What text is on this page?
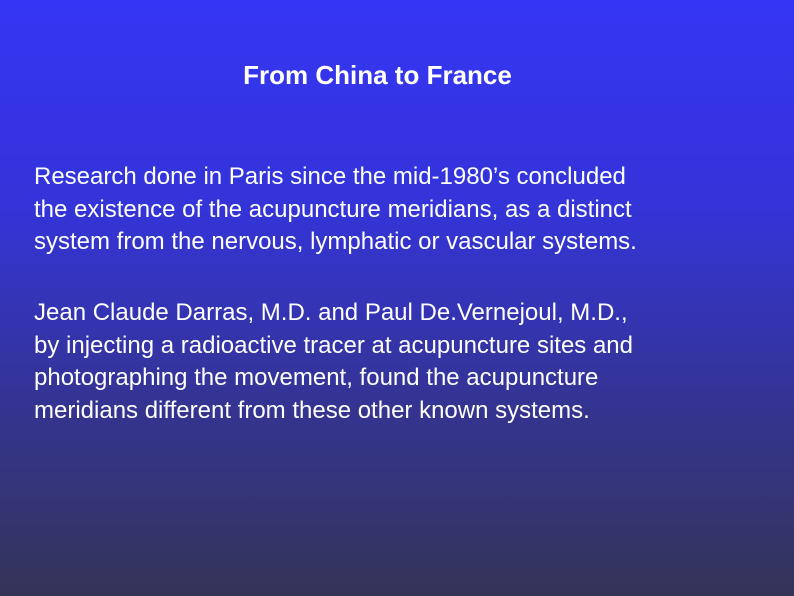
From China to France

Research done in Paris since the mid-1980’s concluded
the existence of the acupuncture meridians, as a distinct
system from the nervous, lymphatic or vascular systems.

Jean Claude Darras, M.D. and Paul De.Vernejoul, M.D.,
by injecting a radioactive tracer at acupuncture sites and
photographing the movement, found the acupuncture
meridians different from these other known systems.
